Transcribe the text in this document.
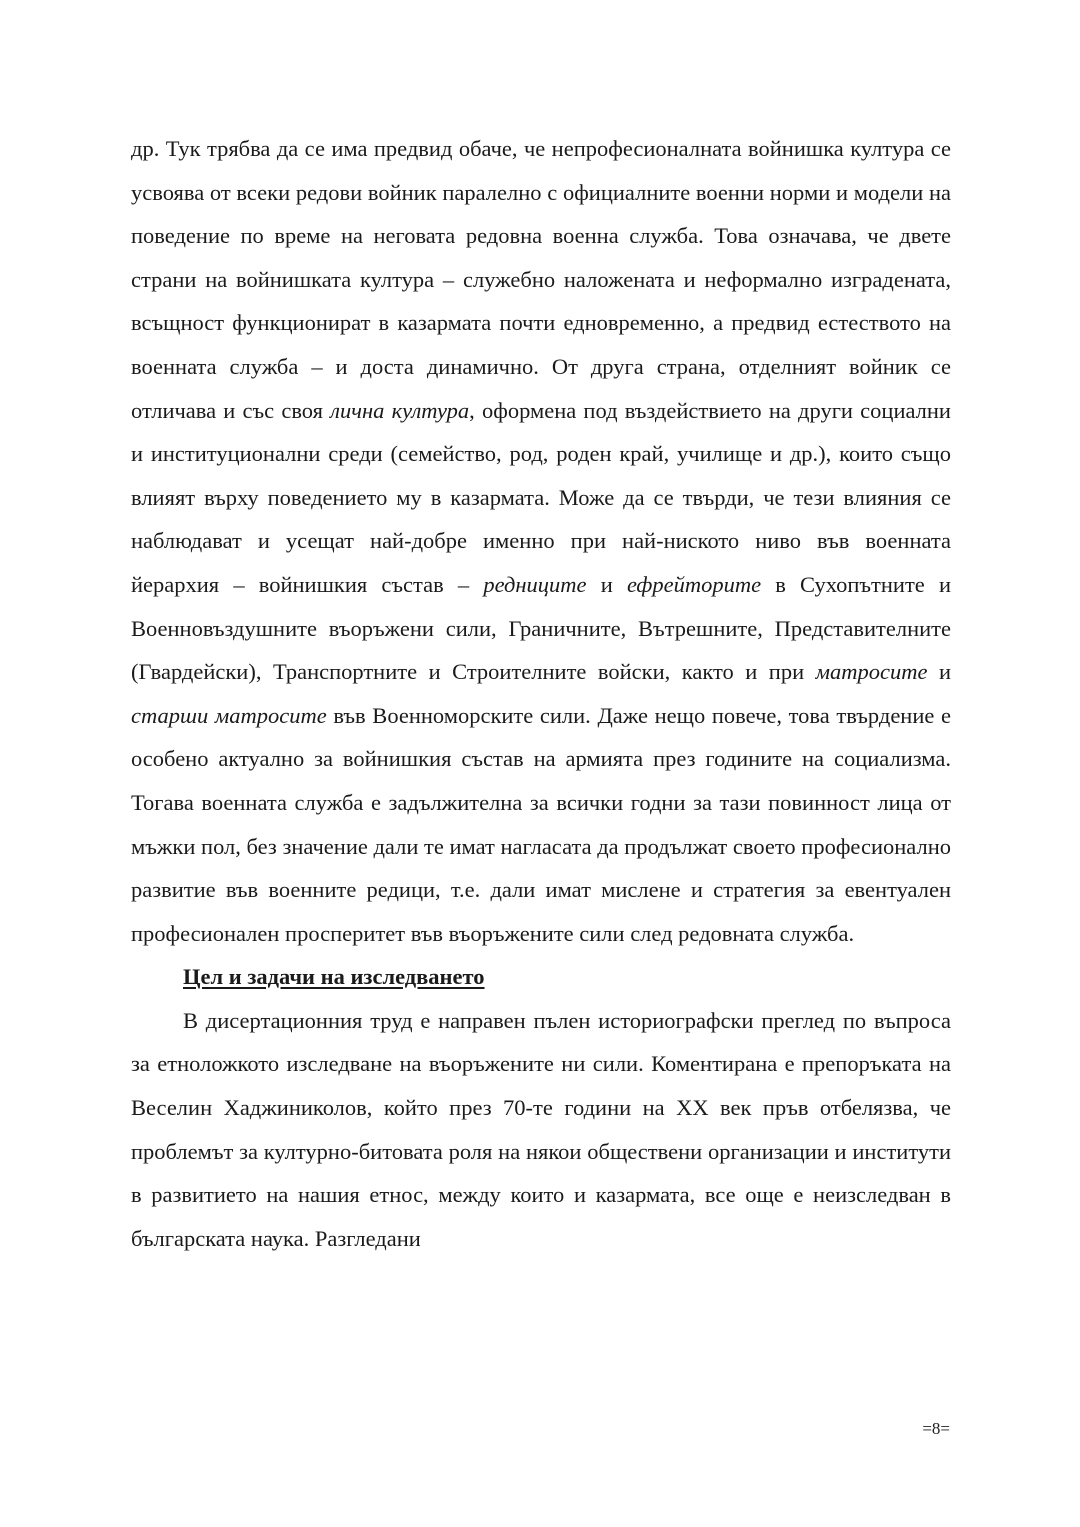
др. Тук трябва да се има предвид обаче, че непрофесионалната войнишка култура се усвоява от всеки редови войник паралелно с официалните военни норми и модели на поведение по време на неговата редовна военна служба. Това означава, че двете страни на войнишката култура – служебно наложената и неформално изградената, всъщност функционират в казармата почти едновременно, а предвид естеството на военната служба – и доста динамично. От друга страна, отделният войник се отличава и със своя лична култура, оформена под въздействието на други социални и институционални среди (семейство, род, роден край, училище и др.), които също влияят върху поведението му в казармата. Може да се твърди, че тези влияния се наблюдават и усещат най-добре именно при най-ниското ниво във военната йерархия – войнишкия състав – редниците и ефрейторите в Сухопътните и Военновъздушните въоръжени сили, Граничните, Вътрешните, Представителните (Гвардейски), Транспортните и Строителните войски, както и при матросите и старши матросите във Военноморските сили. Даже нещо повече, това твърдение е особено актуално за войнишкия състав на армията през годините на социализма. Тогава военната служба е задължителна за всички годни за тази повинност лица от мъжки пол, без значение дали те имат нагласата да продължат своето професионално развитие във военните редици, т.е. дали имат мислене и стратегия за евентуален професионален просперитет във въоръжените сили след редовната служба.

Цел и задачи на изследването

В дисертационния труд е направен пълен историографски преглед по въпроса за етноложкото изследване на въоръжените ни сили. Коментирана е препоръката на Веселин Хаджиниколов, който през 70-те години на XX век пръв отбелязва, че проблемът за културно-битовата роля на някои обществени организации и институти в развитието на нашия етнос, между които и казармата, все още е неизследван в българската наука. Разгледани

=8=
